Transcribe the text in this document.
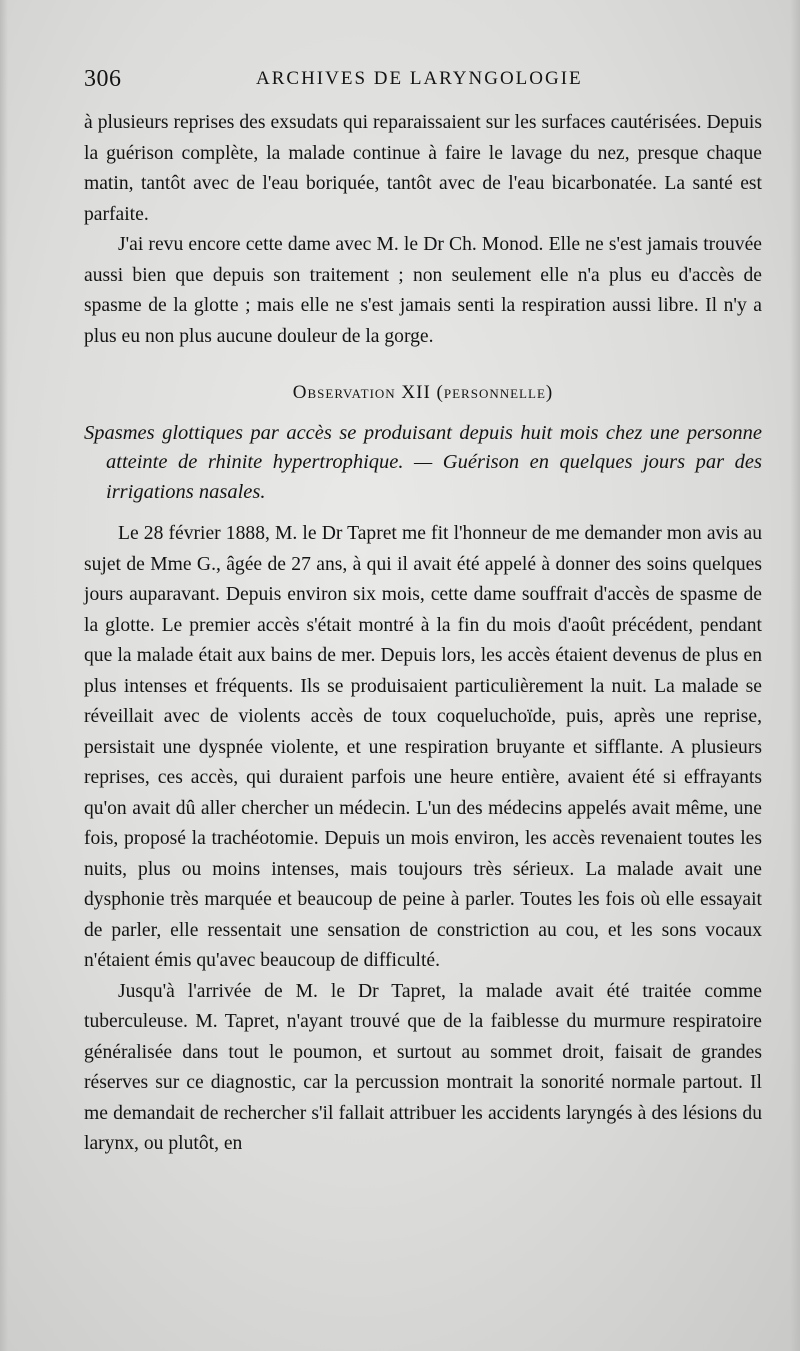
306	ARCHIVES DE LARYNGOLOGIE

à plusieurs reprises des exsudats qui reparaissaient sur les surfaces cautérisées. Depuis la guérison complète, la malade continue à faire le lavage du nez, presque chaque matin, tantôt avec de l'eau boriquée, tantôt avec de l'eau bicarbonatée. La santé est parfaite.

J'ai revu encore cette dame avec M. le Dr Ch. Monod. Elle ne s'est jamais trouvée aussi bien que depuis son traitement ; non seulement elle n'a plus eu d'accès de spasme de la glotte ; mais elle ne s'est jamais senti la respiration aussi libre. Il n'y a plus eu non plus aucune douleur de la gorge.

Observation XII (personnelle)
Spasmes glottiques par accès se produisant depuis huit mois chez une personne atteinte de rhinite hypertrophique. — Guérison en quelques jours par des irrigations nasales.

Le 28 février 1888, M. le Dr Tapret me fit l'honneur de me demander mon avis au sujet de Mme G., âgée de 27 ans, à qui il avait été appelé à donner des soins quelques jours auparavant. Depuis environ six mois, cette dame souffrait d'accès de spasme de la glotte. Le premier accès s'était montré à la fin du mois d'août précédent, pendant que la malade était aux bains de mer. Depuis lors, les accès étaient devenus de plus en plus intenses et fréquents. Ils se produisaient particulièrement la nuit. La malade se réveillait avec de violents accès de toux coqueluchoïde, puis, après une reprise, persistait une dyspnée violente, et une respiration bruyante et sifflante. A plusieurs reprises, ces accès, qui duraient parfois une heure entière, avaient été si effrayants qu'on avait dû aller chercher un médecin. L'un des médecins appelés avait même, une fois, proposé la trachéotomie. Depuis un mois environ, les accès revenaient toutes les nuits, plus ou moins intenses, mais toujours très sérieux. La malade avait une dysphonie très marquée et beaucoup de peine à parler. Toutes les fois où elle essayait de parler, elle ressentait une sensation de constriction au cou, et les sons vocaux n'étaient émis qu'avec beaucoup de difficulté.

Jusqu'à l'arrivée de M. le Dr Tapret, la malade avait été traitée comme tuberculeuse. M. Tapret, n'ayant trouvé que de la faiblesse du murmure respiratoire généralisée dans tout le poumon, et surtout au sommet droit, faisait de grandes réserves sur ce diagnostic, car la percussion montrait la sonorité normale partout. Il me demandait de rechercher s'il fallait attribuer les accidents laryngés à des lésions du larynx, ou plutôt, en
